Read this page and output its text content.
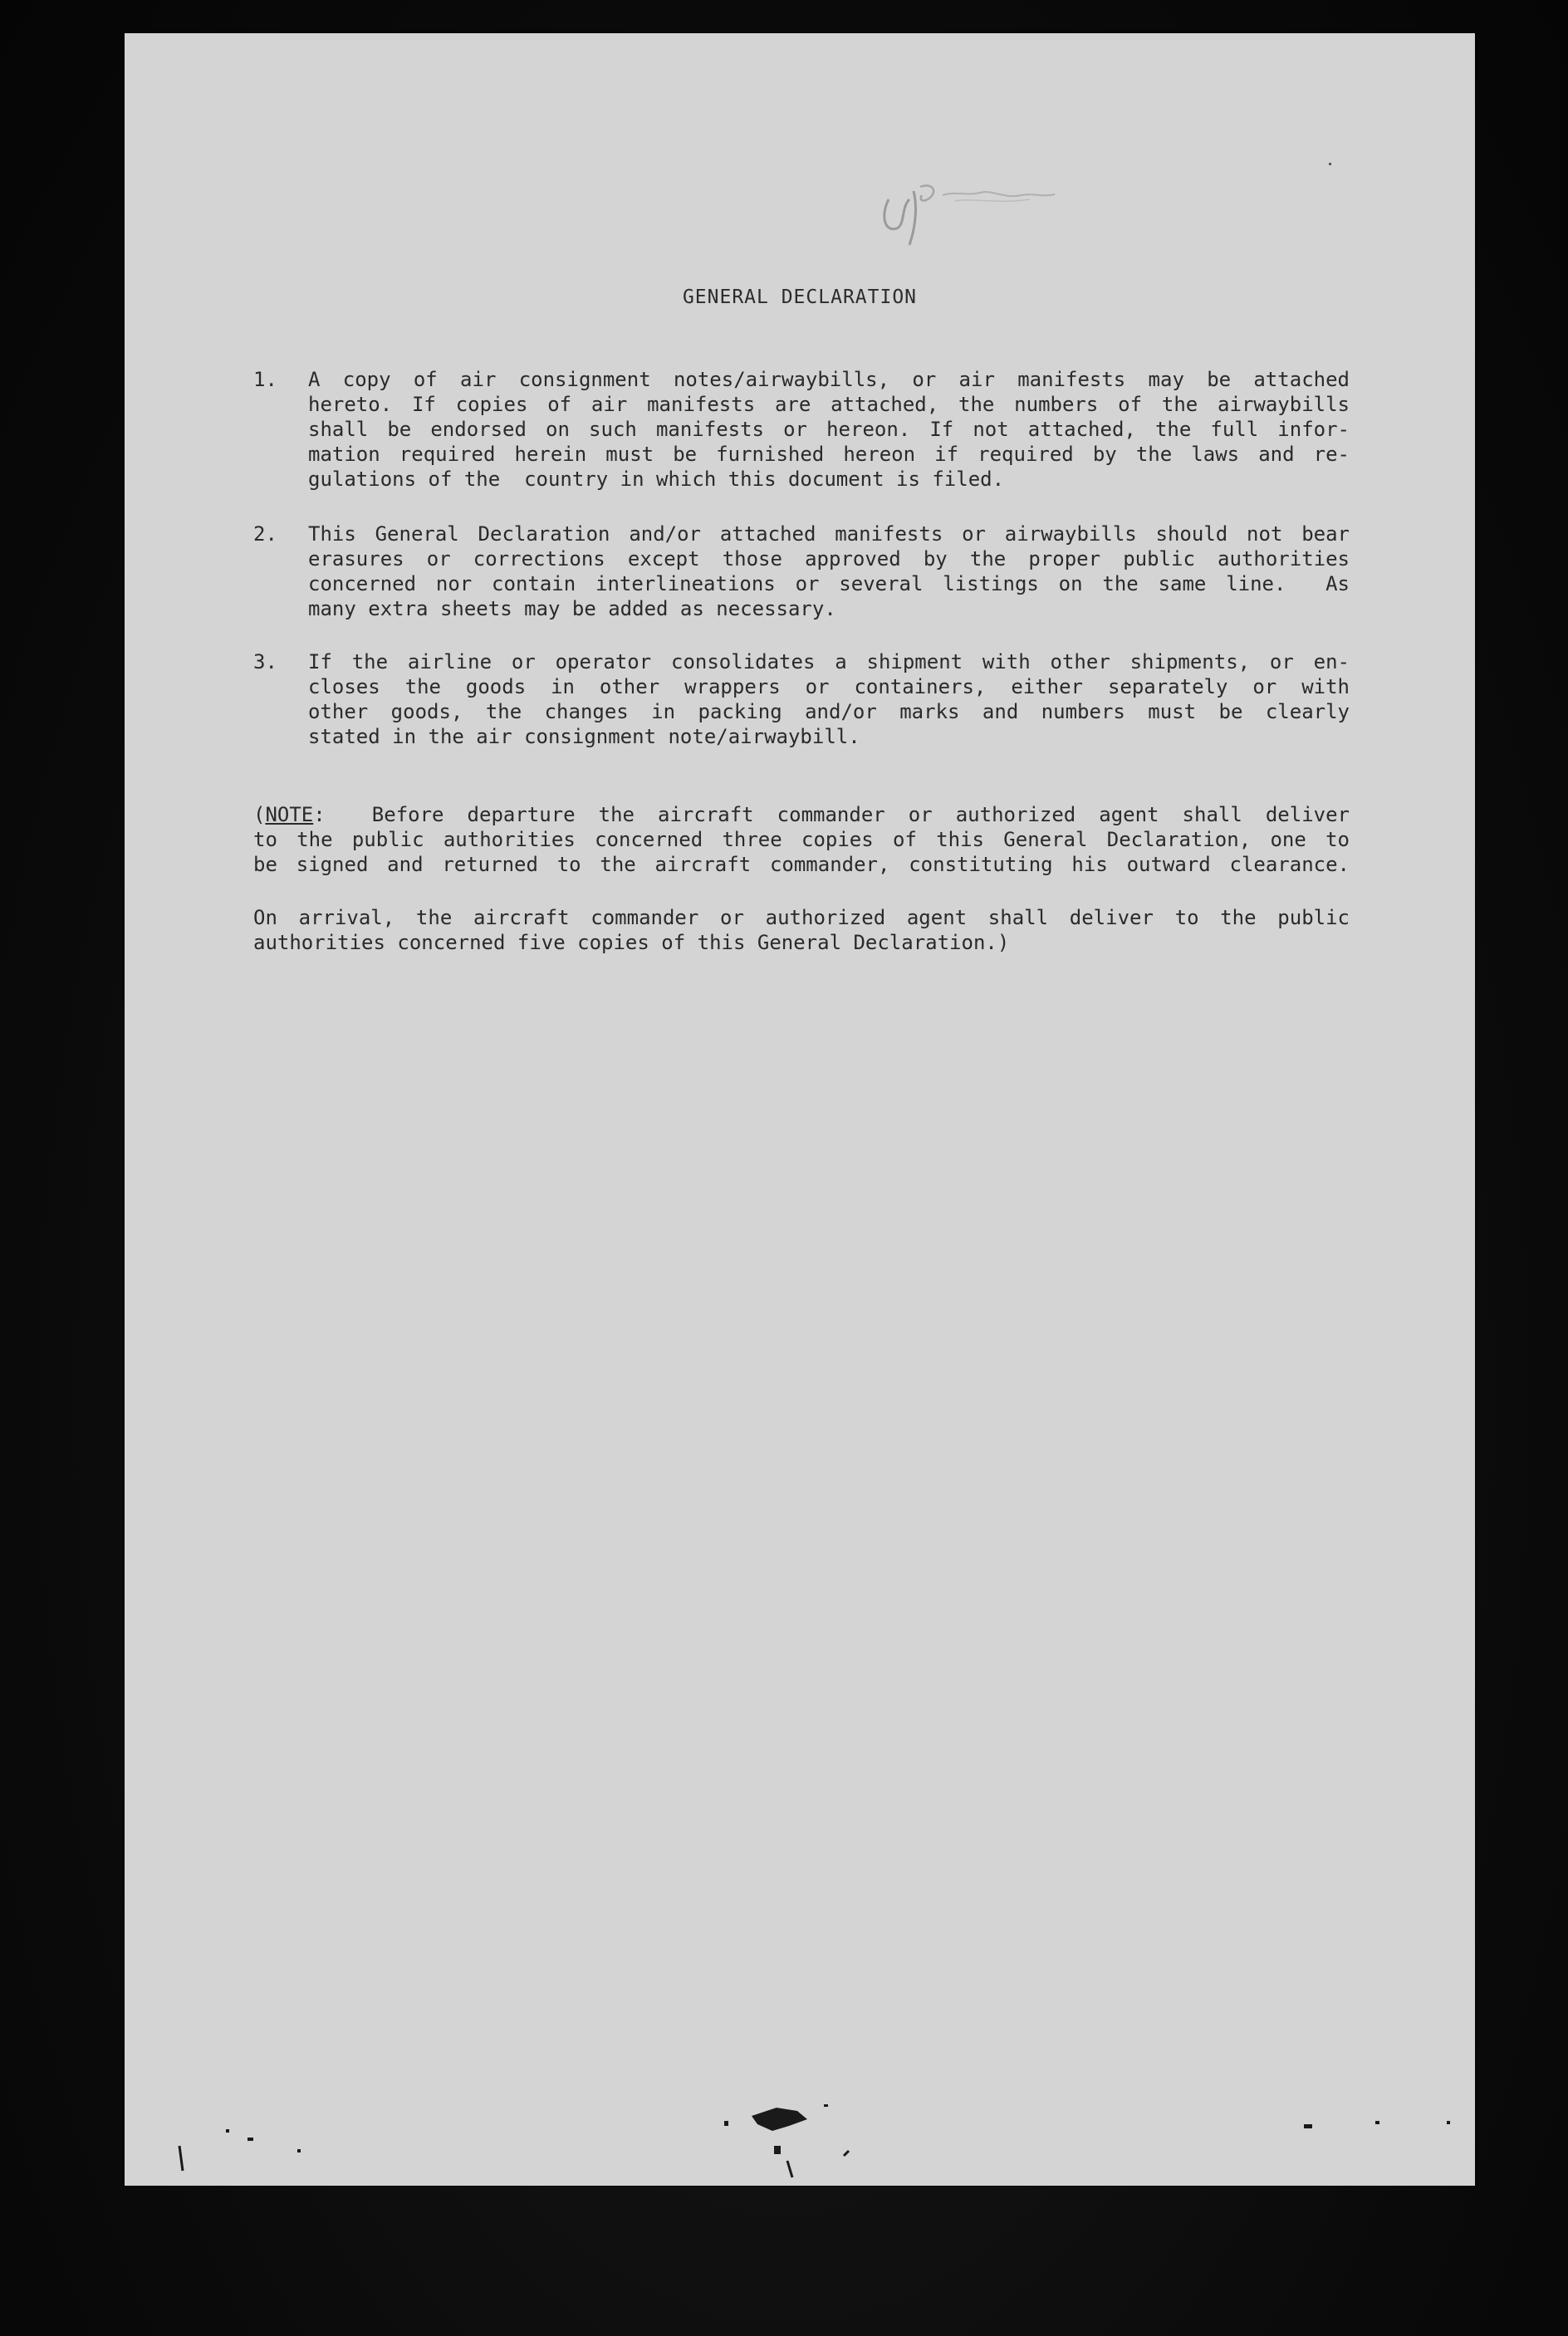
GENERAL DECLARATION
1.	A copy of air consignment notes/airwaybills, or air manifests may be attached
hereto. If copies of air manifests are attached, the numbers of the airwaybills
shall be endorsed on such manifests or hereon. If not attached, the full infor-
mation required herein must be furnished hereon if required by the laws and re-
gulations of the  country in which this document is filed.
2.	This General Declaration and/or attached manifests or airwaybills should not bear
erasures or corrections except those approved by the proper public authorities
concerned nor contain interlineations or several listings on the same line.  As
many extra sheets may be added as necessary.
3.	If the airline or operator consolidates a shipment with other shipments, or en-
closes the goods in other wrappers or containers, either separately or with
other goods, the changes in packing and/or marks and numbers must be clearly
stated in the air consignment note/airwaybill.
(NOTE:  Before departure the aircraft commander or authorized agent shall deliver
to the public authorities concerned three copies of this General Declaration, one to
be signed and returned to the aircraft commander, constituting his outward clearance.
On arrival, the aircraft commander or authorized agent shall deliver to the public
authorities concerned five copies of this General Declaration.)
